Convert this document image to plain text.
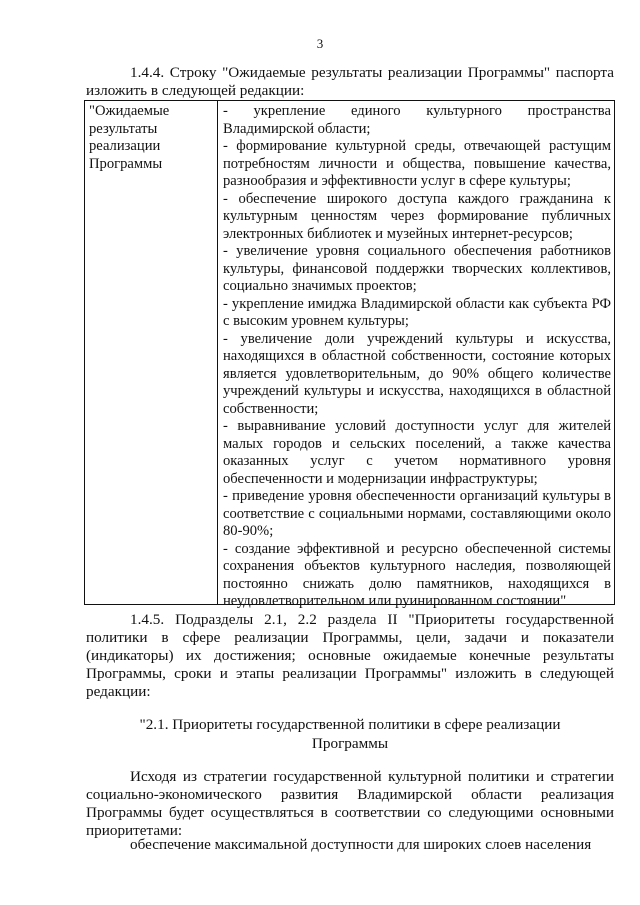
3
1.4.4. Строку "Ожидаемые результаты реализации Программы" паспорта изложить в следующей редакции:
"Ожидаемые результаты реализации Программы
- укрепление единого культурного пространства Владимирской области;
- формирование культурной среды, отвечающей растущим потребностям личности и общества, повышение качества, разнообразия и эффективности услуг в сфере культуры;
- обеспечение широкого доступа каждого гражданина к культурным ценностям через формирование публичных электронных библиотек и музейных интернет-ресурсов;
- увеличение уровня социального обеспечения работников культуры, финансовой поддержки творческих коллективов, социально значимых проектов;
- укрепление имиджа Владимирской области как субъекта РФ с высоким уровнем культуры;
- увеличение доли учреждений культуры и искусства, находящихся в областной собственности, состояние которых является удовлетворительным, до 90% общего количестве учреждений культуры и искусства, находящихся в областной собственности;
- выравнивание условий доступности услуг для жителей малых городов и сельских поселений, а также качества оказанных услуг с учетом нормативного уровня обеспеченности и модернизации инфраструктуры;
- приведение уровня обеспеченности организаций культуры в соответствие с социальными нормами, составляющими около 80-90%;
- создание эффективной и ресурсно обеспеченной системы сохранения объектов культурного наследия, позволяющей постоянно снижать долю памятников, находящихся в неудовлетворительном или руинированном состоянии"
1.4.5. Подразделы 2.1, 2.2 раздела II "Приоритеты государственной политики в сфере реализации Программы, цели, задачи и показатели (индикаторы) их достижения; основные ожидаемые конечные результаты Программы, сроки и этапы реализации Программы" изложить в следующей редакции:
"2.1. Приоритеты государственной политики в сфере реализации
Программы
Исходя из стратегии государственной культурной политики и стратегии социально-экономического развития Владимирской области реализация Программы будет осуществляться в соответствии со следующими основными приоритетами:
обеспечение максимальной доступности для широких слоев населения
